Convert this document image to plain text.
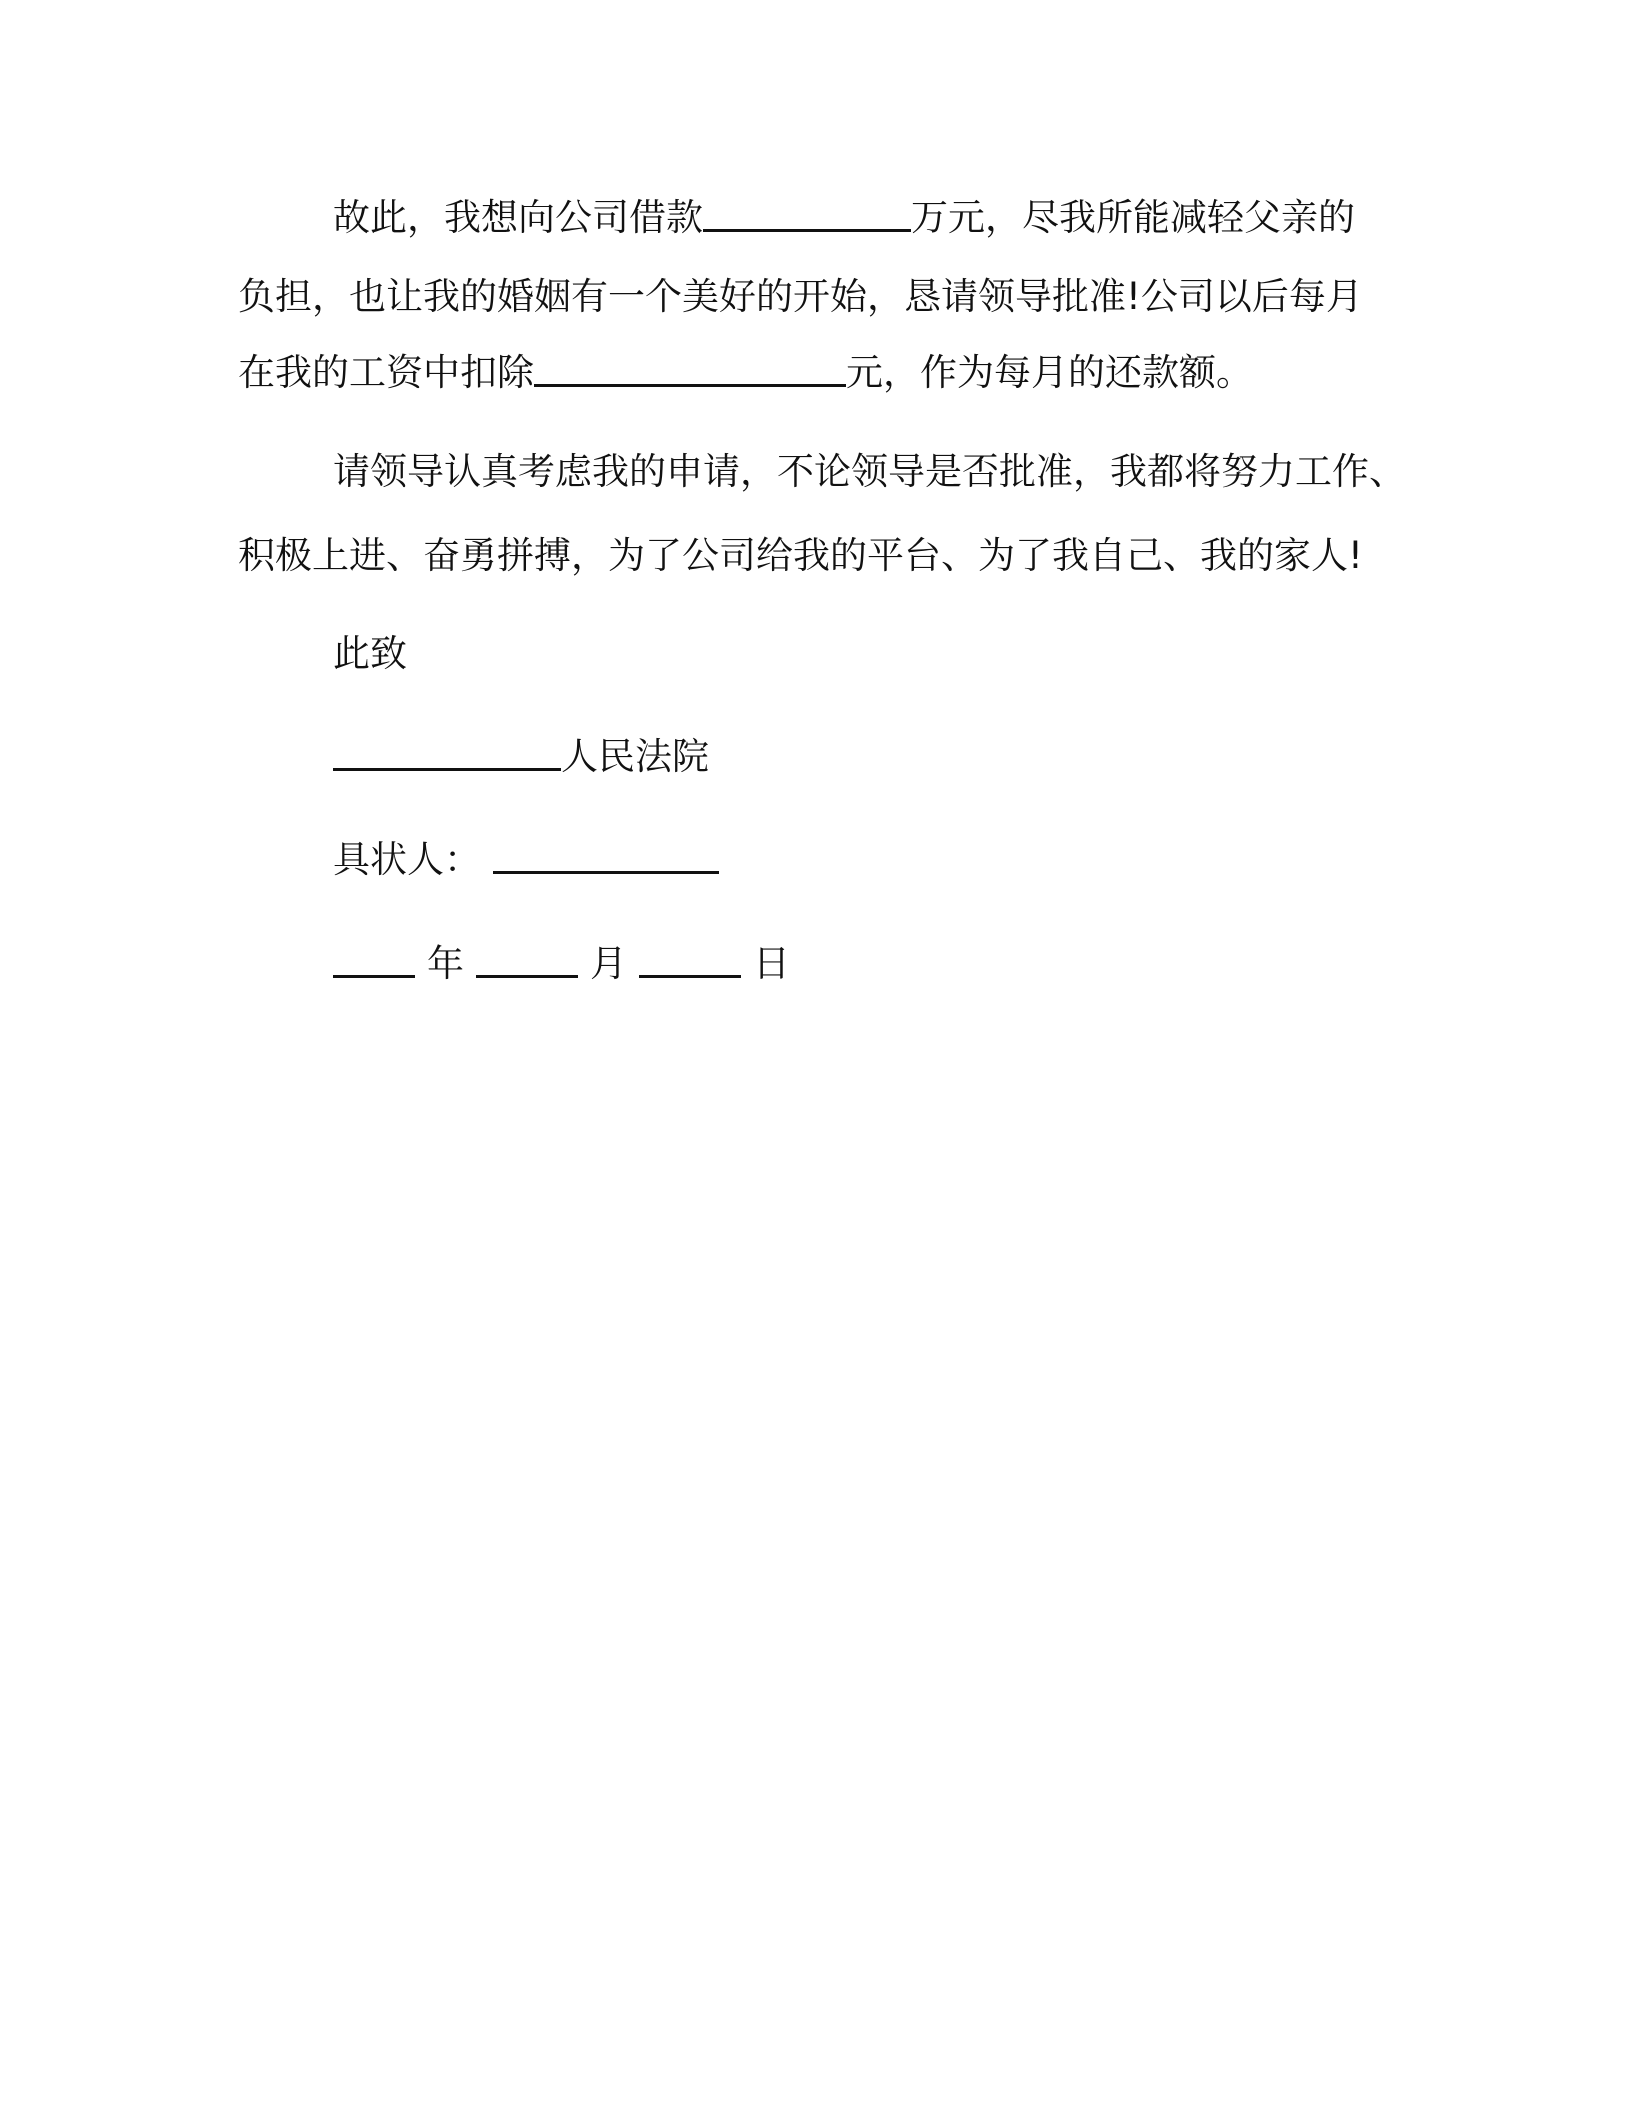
故此，我想向公司借款	万元，尽我所能减轻父亲的
负担，也让我的婚姻有一个美好的开始，恳请领导批准!公司以后每月
在我的工资中扣除	元，作为每月的还款额。
请领导认真考虑我的申请，不论领导是否批准，我都将努力工作、
积极上进、奋勇拼搏，为了公司给我的平台、为了我自己、我的家人!
此致
人民法院
具状人：
年	月	日
